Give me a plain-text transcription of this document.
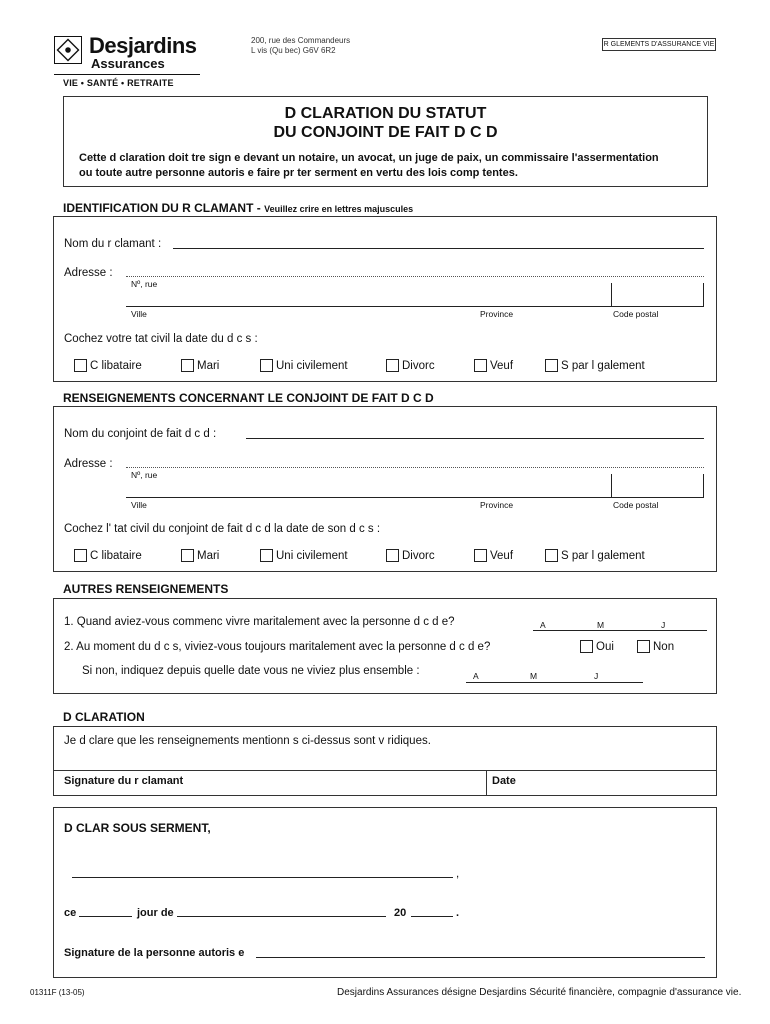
Desjardins
Assurances
VIE • SANTÉ • RETRAITE
200, rue des Commandeurs
L vis (Qu bec) G6V 6R2
R GLEMENTS D'ASSURANCE VIE
D CLARATION DU STATUT
DU CONJOINT DE FAIT D C D
Cette d claration doit tre sign e devant un notaire, un avocat, un juge de paix, un commissaire l'assermentation
ou toute autre personne autoris e faire pr ter serment en vertu des lois comp tentes.
IDENTIFICATION DU R CLAMANT - Veuillez crire en lettres majuscules
Nom du r clamant :
Adresse :
Nº, rue
Ville	Province	Code postal
Cochez votre tat civil la date du d c s :
C libataire	Mari	Uni civilement	Divorc	Veuf	S par l galement
RENSEIGNEMENTS CONCERNANT LE CONJOINT DE FAIT D C D
Nom du conjoint de fait d c d :
Adresse :
Nº, rue
Ville	Province	Code postal
Cochez l' tat civil du conjoint de fait d c d la date de son d c s :
C libataire	Mari	Uni civilement	Divorc	Veuf	S par l galement
AUTRES RENSEIGNEMENTS
1. Quand aviez-vous commenc vivre maritalement avec la personne d c d e?	A	M	J
2. Au moment du d c s, viviez-vous toujours maritalement avec la personne d c d e?	Oui	Non
Si non, indiquez depuis quelle date vous ne viviez plus ensemble :	A	M	J
D CLARATION
Je d clare que les renseignements mentionn s ci-dessus sont v ridiques.
Signature du r clamant	Date
D CLAR SOUS SERMENT,
,
ce	jour de	20	.
Signature de la personne autoris e
01311F (13-05)	Desjardins Assurances désigne Desjardins Sécurité financière, compagnie d'assurance vie.
